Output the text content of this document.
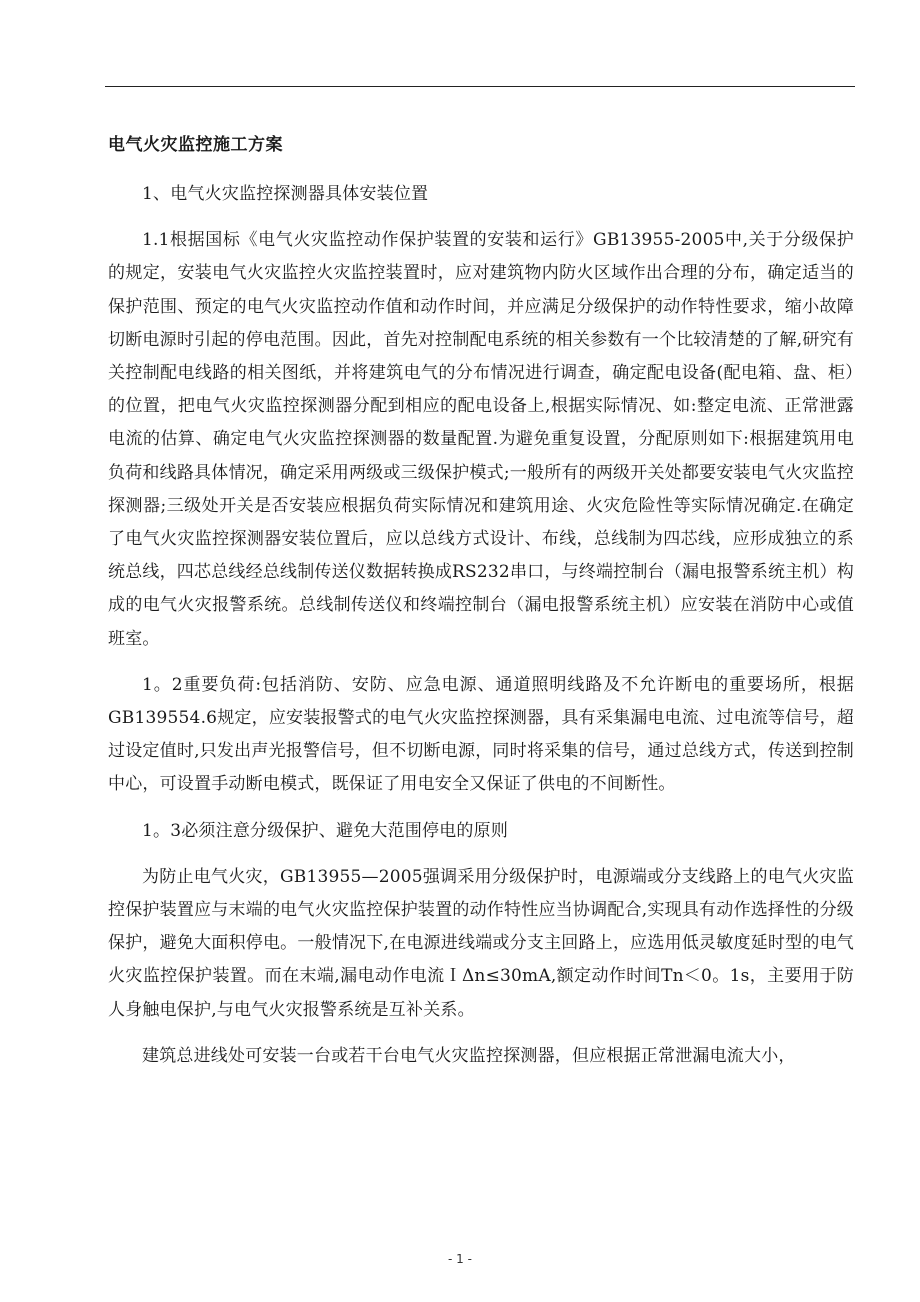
电气火灾监控施工方案

1、电气火灾监控探测器具体安装位置

1.1根据国标《电气火灾监控动作保护装置的安装和运行》GB13955-2005中,关于分级保护的规定，安装电气火灾监控火灾监控装置时，应对建筑物内防火区域作出合理的分布，确定适当的保护范围、预定的电气火灾监控动作值和动作时间，并应满足分级保护的动作特性要求，缩小故障切断电源时引起的停电范围。因此，首先对控制配电系统的相关参数有一个比较清楚的了解,研究有关控制配电线路的相关图纸，并将建筑电气的分布情况进行调查，确定配电设备(配电箱、盘、柜）的位置，把电气火灾监控探测器分配到相应的配电设备上,根据实际情况、如:整定电流、正常泄露电流的估算、确定电气火灾监控探测器的数量配置.为避免重复设置，分配原则如下:根据建筑用电负荷和线路具体情况，确定采用两级或三级保护模式;一般所有的两级开关处都要安装电气火灾监控探测器;三级处开关是否安装应根据负荷实际情况和建筑用途、火灾危险性等实际情况确定.在确定了电气火灾监控探测器安装位置后，应以总线方式设计、布线，总线制为四芯线，应形成独立的系统总线，四芯总线经总线制传送仪数据转换成RS232串口，与终端控制台（漏电报警系统主机）构成的电气火灾报警系统。总线制传送仪和终端控制台（漏电报警系统主机）应安装在消防中心或值班室。

1。2重要负荷:包括消防、安防、应急电源、通道照明线路及不允许断电的重要场所，根据GB139554.6规定，应安装报警式的电气火灾监控探测器，具有采集漏电电流、过电流等信号，超过设定值时,只发出声光报警信号，但不切断电源，同时将采集的信号，通过总线方式，传送到控制中心，可设置手动断电模式，既保证了用电安全又保证了供电的不间断性。

1。3必须注意分级保护、避免大范围停电的原则

为防止电气火灾，GB13955—2005强调采用分级保护时，电源端或分支线路上的电气火灾监控保护装置应与末端的电气火灾监控保护装置的动作特性应当协调配合,实现具有动作选择性的分级保护，避免大面积停电。一般情况下,在电源进线端或分支主回路上，应选用低灵敏度延时型的电气火灾监控保护装置。而在末端,漏电动作电流ＩΔn≤30mA,额定动作时间Tn＜0。1s，主要用于防人身触电保护,与电气火灾报警系统是互补关系。

建筑总进线处可安装一台或若干台电气火灾监控探测器，但应根据正常泄漏电流大小，

- 1 -
